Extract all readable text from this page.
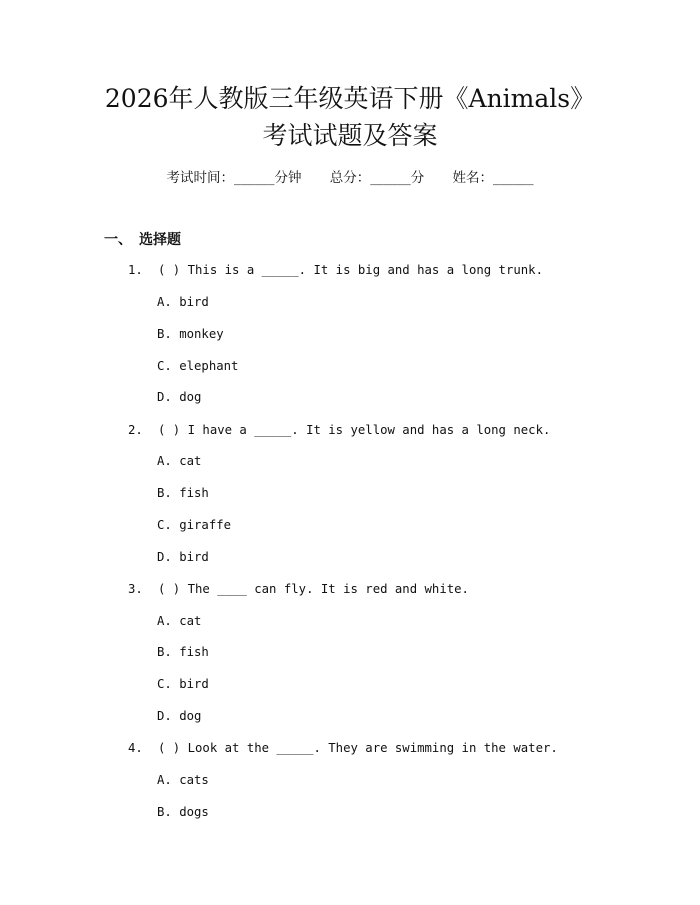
2026年人教版三年级英语下册《Animals》
考试试题及答案
考试时间：______分钟 总分：______分 姓名：______
一、 选择题
1. ( ) This is a _____. It is big and has a long trunk.
A. bird
B. monkey
C. elephant
D. dog
2. ( ) I have a _____. It is yellow and has a long neck.
A. cat
B. fish
C. giraffe
D. bird
3. ( ) The ____ can fly. It is red and white.
A. cat
B. fish
C. bird
D. dog
4. ( ) Look at the _____. They are swimming in the water.
A. cats
B. dogs
